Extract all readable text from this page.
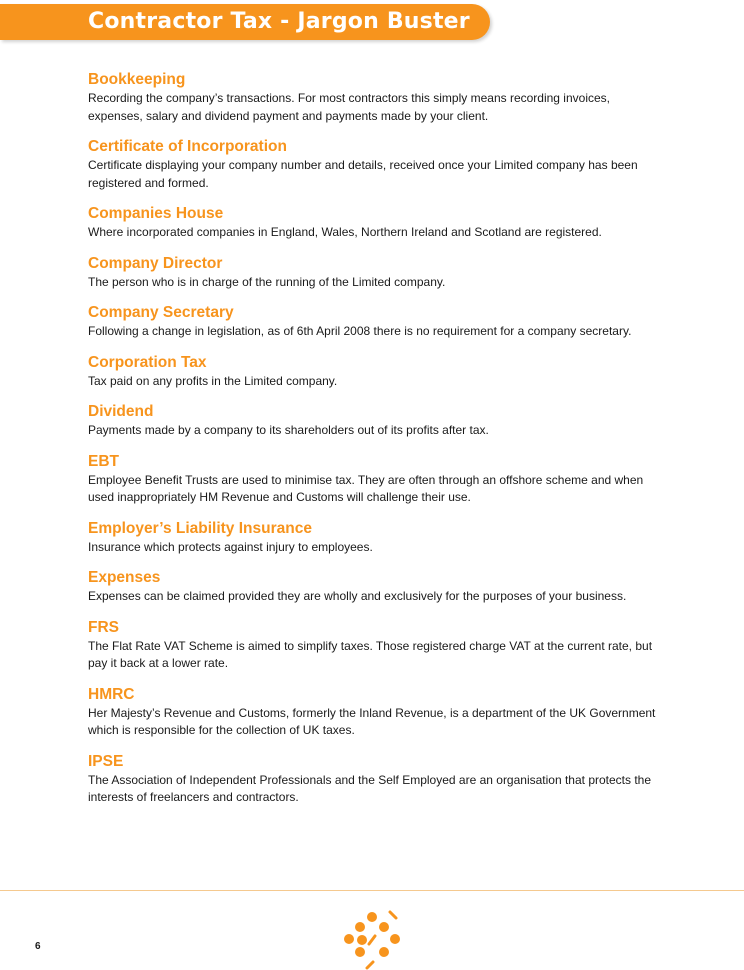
Contractor Tax - Jargon Buster

Bookkeeping

Recording the company’s transactions. For most contractors this simply means recording invoices, expenses, salary and dividend payment and payments made by your client.

Certificate of Incorporation

Certificate displaying your company number and details, received once your Limited company has been registered and formed.

Companies House

Where incorporated companies in England, Wales, Northern Ireland and Scotland are registered.

Company Director

The person who is in charge of the running of the Limited company.

Company Secretary

Following a change in legislation, as of 6th April 2008 there is no requirement for a company secretary.

Corporation Tax

Tax paid on any profits in the Limited company.

Dividend

Payments made by a company to its shareholders out of its profits after tax.

EBT

Employee Benefit Trusts are used to minimise tax. They are often through an offshore scheme and when used inappropriately HM Revenue and Customs will challenge their use.

Employer’s Liability Insurance

Insurance which protects against injury to employees.

Expenses

Expenses can be claimed provided they are wholly and exclusively for the purposes of your business.

FRS

The Flat Rate VAT Scheme is aimed to simplify taxes. Those registered charge VAT at the current rate, but pay it back at a lower rate.

HMRC

Her Majesty’s Revenue and Customs, formerly the Inland Revenue, is a department of the UK Government which is responsible for the collection of UK taxes.

IPSE

The Association of Independent Professionals and the Self Employed are an organisation that protects the interests of freelancers and contractors.

6
